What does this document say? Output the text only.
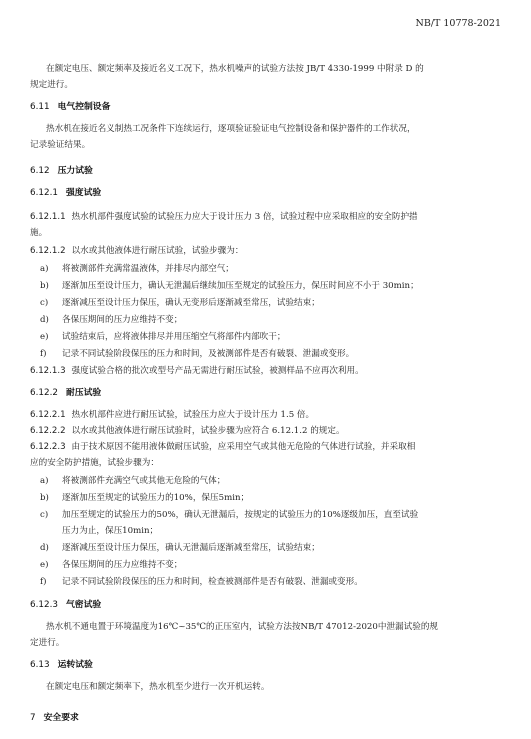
NB/T 10778-2021
在额定电压、额定频率及接近名义工况下，热水机噪声的试验方法按 JB/T 4330-1999 中附录 D 的
规定进行。
6.11 电气控制设备
热水机在接近名义制热工况条件下连续运行，逐项验证验证电气控制设备和保护器件的工作状况，
记录验证结果。
6.12 压力试验
6.12.1 强度试验
6.12.1.1 热水机部件强度试验的试验压力应大于设计压力 3 倍，试验过程中应采取相应的安全防护措
施。
6.12.1.2 以水或其他液体进行耐压试验，试验步骤为：
a) 将被测部件充满常温液体，并排尽内部空气；
b) 逐渐加压至设计压力，确认无泄漏后继续加压至规定的试验压力，保压时间应不小于 30min；
c) 逐渐减压至设计压力保压，确认无变形后逐渐减至常压，试验结束；
d) 各保压期间的压力应维持不变；
e) 试验结束后，应将液体排尽并用压缩空气将部件内部吹干；
f) 记录不同试验阶段保压的压力和时间，及被测部件是否有破裂、泄漏或变形。
6.12.1.3 强度试验合格的批次或型号产品无需进行耐压试验，被测样品不应再次利用。
6.12.2 耐压试验
6.12.2.1 热水机部件应进行耐压试验，试验压力应大于设计压力 1.5 倍。
6.12.2.2 以水或其他液体进行耐压试验时，试验步骤为应符合 6.12.1.2 的规定。
6.12.2.3 由于技术原因不能用液体做耐压试验，应采用空气或其他无危险的气体进行试验，并采取相
应的安全防护措施，试验步骤为：
a) 将被测部件充满空气或其他无危险的气体；
b) 逐渐加压至规定的试验压力的10%，保压5min；
c) 加压至规定的试验压力的50%，确认无泄漏后，按规定的试验压力的10%逐级加压，直至试验
压力为止，保压10min；
d) 逐渐减压至设计压力保压，确认无泄漏后逐渐减至常压，试验结束；
e) 各保压期间的压力应维持不变；
f) 记录不同试验阶段保压的压力和时间，检查被测部件是否有破裂、泄漏或变形。
6.12.3 气密试验
热水机不通电置于环境温度为16℃~35℃的正压室内，试验方法按NB/T 47012-2020中泄漏试验的规
定进行。
6.13 运转试验
在额定电压和额定频率下，热水机至少进行一次开机运转。
7 安全要求
